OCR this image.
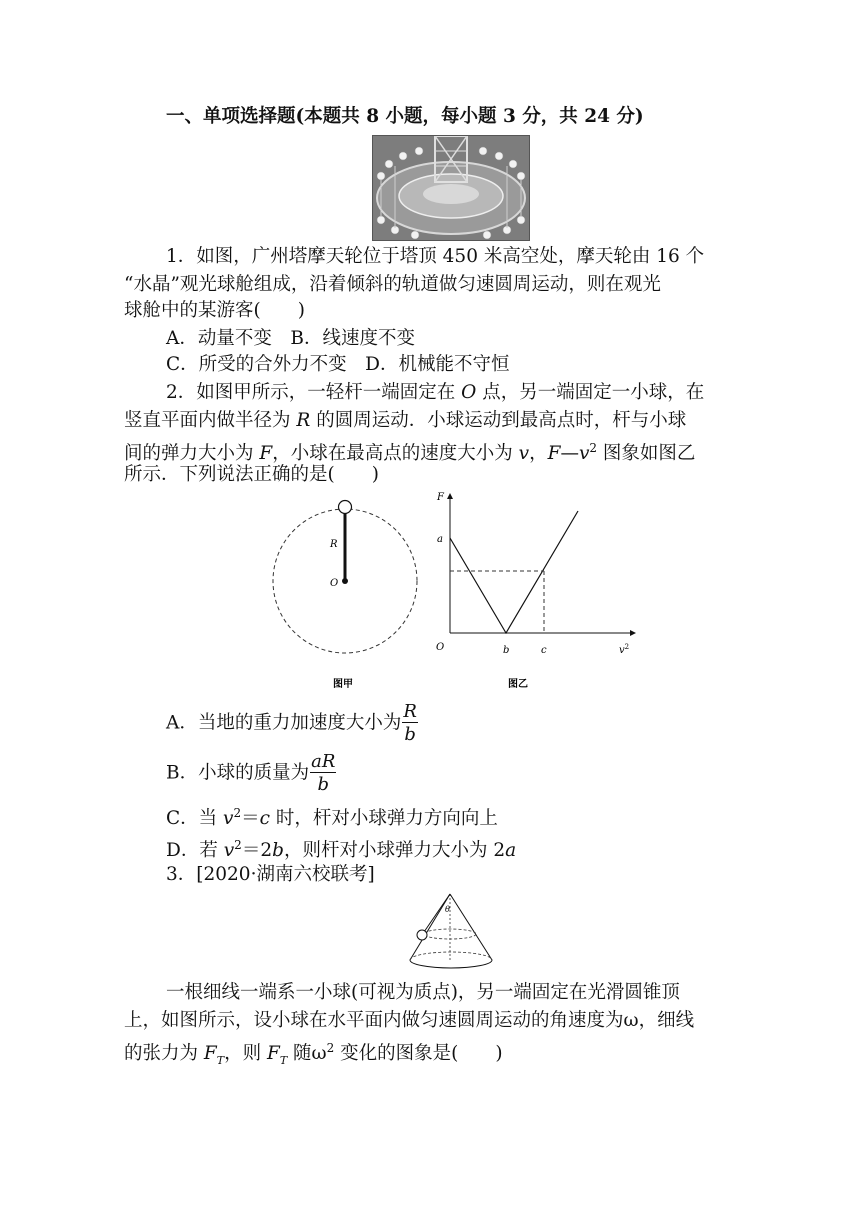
一、单项选择题(本题共 8 小题，每小题 3 分，共 24 分)
1．如图，广州塔摩天轮位于塔顶 450 米高空处，摩天轮由 16 个
“水晶”观光球舱组成，沿着倾斜的轨道做匀速圆周运动，则在观光
球舱中的某游客(　　)
A．动量不变　B．线速度不变
C．所受的合外力不变　D．机械能不守恒
2．如图甲所示，一轻杆一端固定在 O 点，另一端固定一小球，在
竖直平面内做半径为 R 的圆周运动．小球运动到最高点时，杆与小球
间的弹力大小为 F，小球在最高点的速度大小为 v，$F—v^2$ 图象如图乙
所示．下列说法正确的是(　　)
R
O
图甲
F
a
O	b	c	$v^2$
图乙
A．当地的重力加速度大小为 $\frac{R}{b}$
B．小球的质量为 $\frac{aR}{b}$
C．当 $v^2=c$ 时，杆对小球弹力方向向上
D．若 $v^2=2b$，则杆对小球弹力大小为 2a
3．[2020·湖南六校联考]
θ
一根细线一端系一小球(可视为质点)，另一端固定在光滑圆锥顶
上，如图所示，设小球在水平面内做匀速圆周运动的角速度为ω，细线
的张力为 $F_T$，则 $F_T$ 随$\omega^2$ 变化的图象是(　　)
